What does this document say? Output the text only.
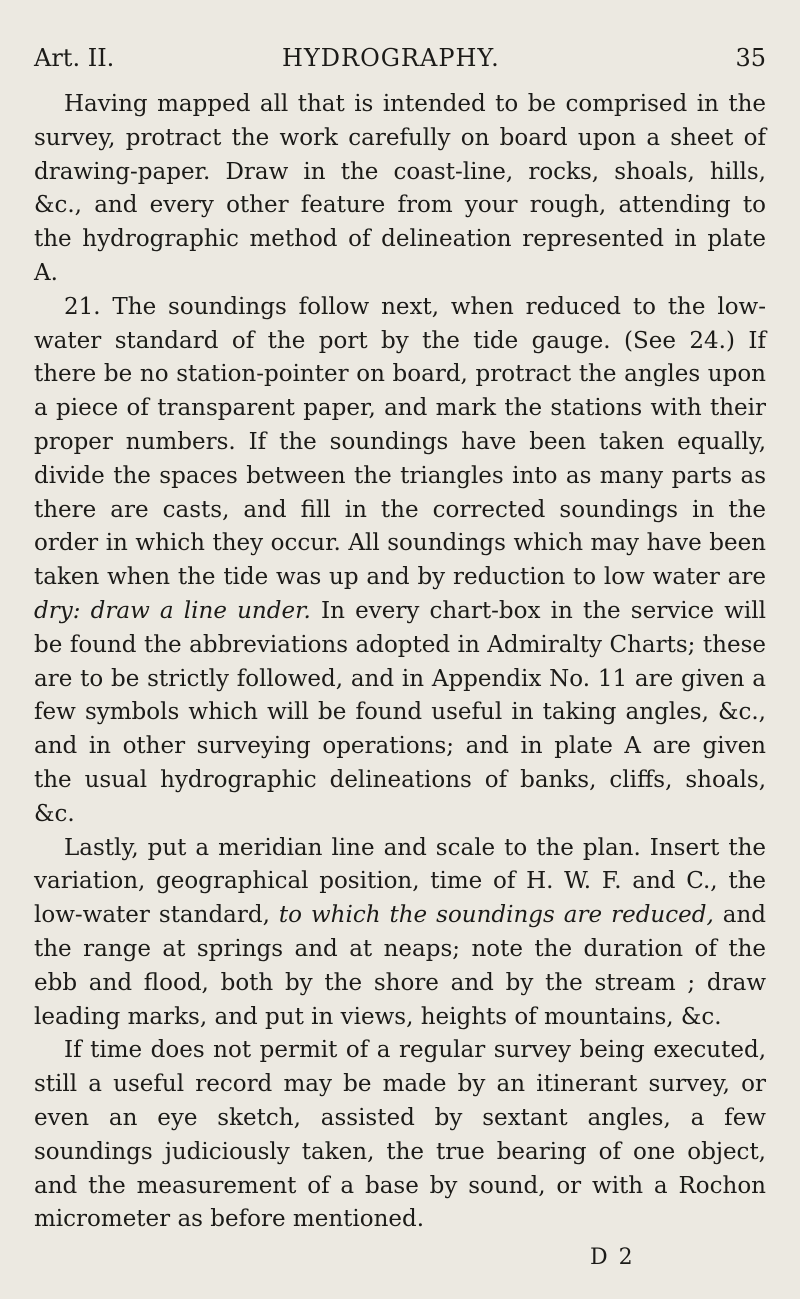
Art. II.	HYDROGRAPHY.	35

Having mapped all that is intended to be comprised in the survey, protract the work carefully on board upon a sheet of drawing-paper. Draw in the coast-line, rocks, shoals, hills, &c., and every other feature from your rough, attending to the hydrographic method of delineation represented in plate A.

21. The soundings follow next, when reduced to the low-water standard of the port by the tide gauge. (See 24.) If there be no station-pointer on board, protract the angles upon a piece of transparent paper, and mark the stations with their proper numbers. If the soundings have been taken equally, divide the spaces between the triangles into as many parts as there are casts, and fill in the corrected soundings in the order in which they occur. All soundings which may have been taken when the tide was up and by reduction to low water are dry: draw a line under. In every chart-box in the service will be found the abbreviations adopted in Admiralty Charts; these are to be strictly followed, and in Appendix No. 11 are given a few symbols which will be found useful in taking angles, &c., and in other surveying operations; and in plate A are given the usual hydrographic delineations of banks, cliffs, shoals, &c.

Lastly, put a meridian line and scale to the plan. Insert the variation, geographical position, time of H. W. F. and C., the low-water standard, to which the soundings are reduced, and the range at springs and at neaps; note the duration of the ebb and flood, both by the shore and by the stream ; draw leading marks, and put in views, heights of mountains, &c.

If time does not permit of a regular survey being executed, still a useful record may be made by an itinerant survey, or even an eye sketch, assisted by sextant angles, a few soundings judiciously taken, the true bearing of one object, and the measurement of a base by sound, or with a Rochon micrometer as before mentioned.

D 2
